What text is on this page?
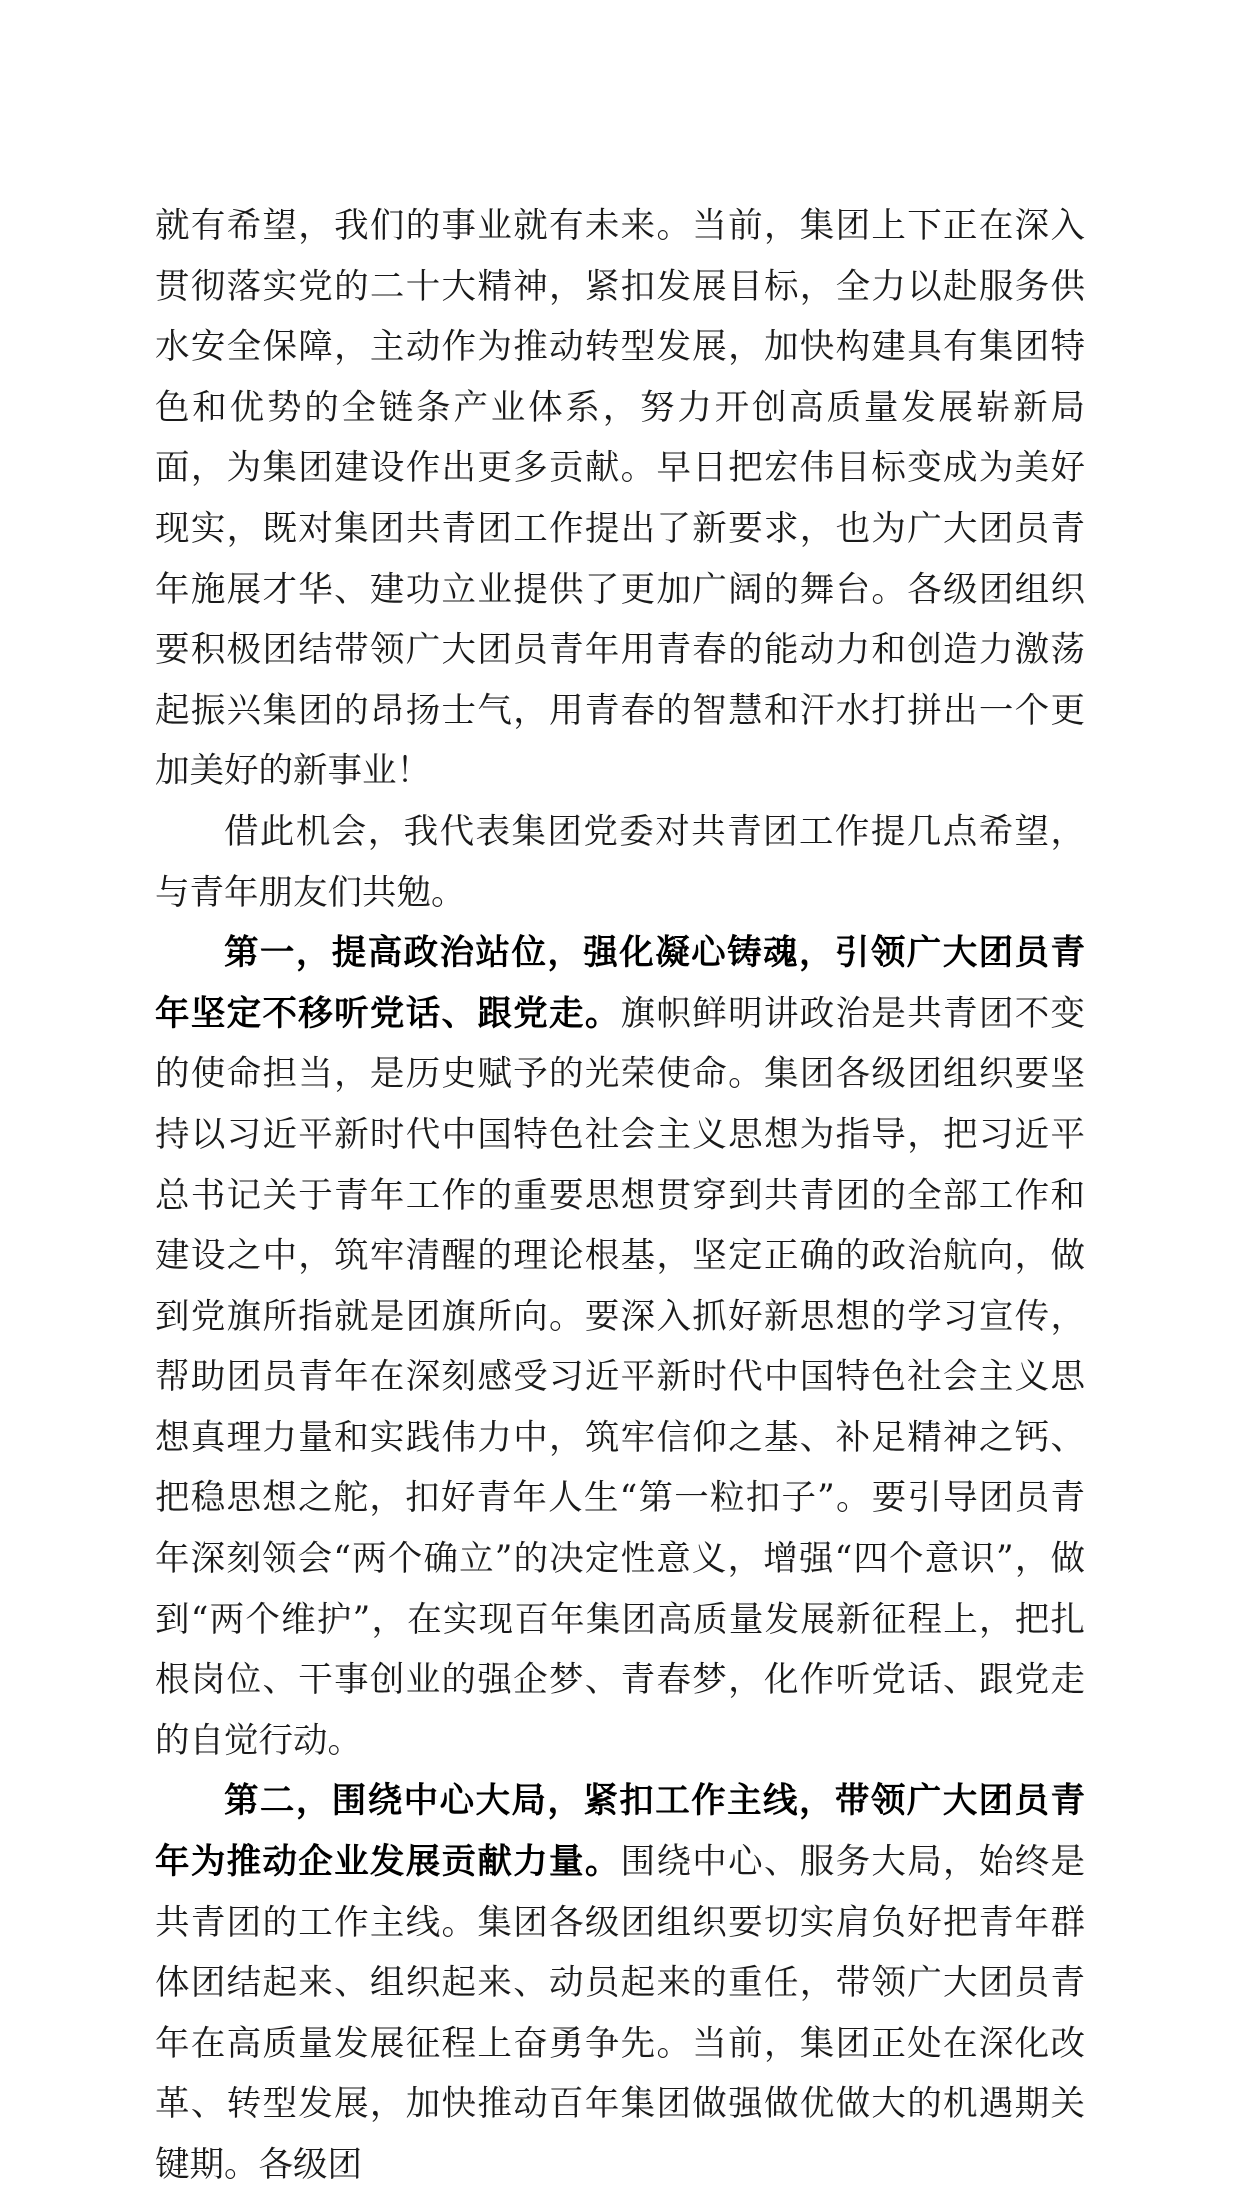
就有希望，我们的事业就有未来。当前，集团上下正在深入贯彻落实党的二十大精神，紧扣发展目标，全力以赴服务供水安全保障，主动作为推动转型发展，加快构建具有集团特色和优势的全链条产业体系，努力开创高质量发展崭新局面，为集团建设作出更多贡献。早日把宏伟目标变成为美好现实，既对集团共青团工作提出了新要求，也为广大团员青年施展才华、建功立业提供了更加广阔的舞台。各级团组织要积极团结带领广大团员青年用青春的能动力和创造力激荡起振兴集团的昂扬士气，用青春的智慧和汗水打拼出一个更加美好的新事业！

借此机会，我代表集团党委对共青团工作提几点希望，与青年朋友们共勉。

第一，提高政治站位，强化凝心铸魂，引领广大团员青年坚定不移听党话、跟党走。旗帜鲜明讲政治是共青团不变的使命担当，是历史赋予的光荣使命。集团各级团组织要坚持以习近平新时代中国特色社会主义思想为指导，把习近平总书记关于青年工作的重要思想贯穿到共青团的全部工作和建设之中，筑牢清醒的理论根基，坚定正确的政治航向，做到党旗所指就是团旗所向。要深入抓好新思想的学习宣传，帮助团员青年在深刻感受习近平新时代中国特色社会主义思想真理力量和实践伟力中，筑牢信仰之基、补足精神之钙、把稳思想之舵，扣好青年人生“第一粒扣子”。要引导团员青年深刻领会“两个确立”的决定性意义，增强“四个意识”，做到“两个维护”，在实现百年集团高质量发展新征程上，把扎根岗位、干事创业的强企梦、青春梦，化作听党话、跟党走的自觉行动。

第二，围绕中心大局，紧扣工作主线，带领广大团员青年为推动企业发展贡献力量。围绕中心、服务大局，始终是共青团的工作主线。集团各级团组织要切实肩负好把青年群体团结起来、组织起来、动员起来的重任，带领广大团员青年在高质量发展征程上奋勇争先。当前，集团正处在深化改革、转型发展，加快推动百年集团做强做优做大的机遇期关键期。各级团
